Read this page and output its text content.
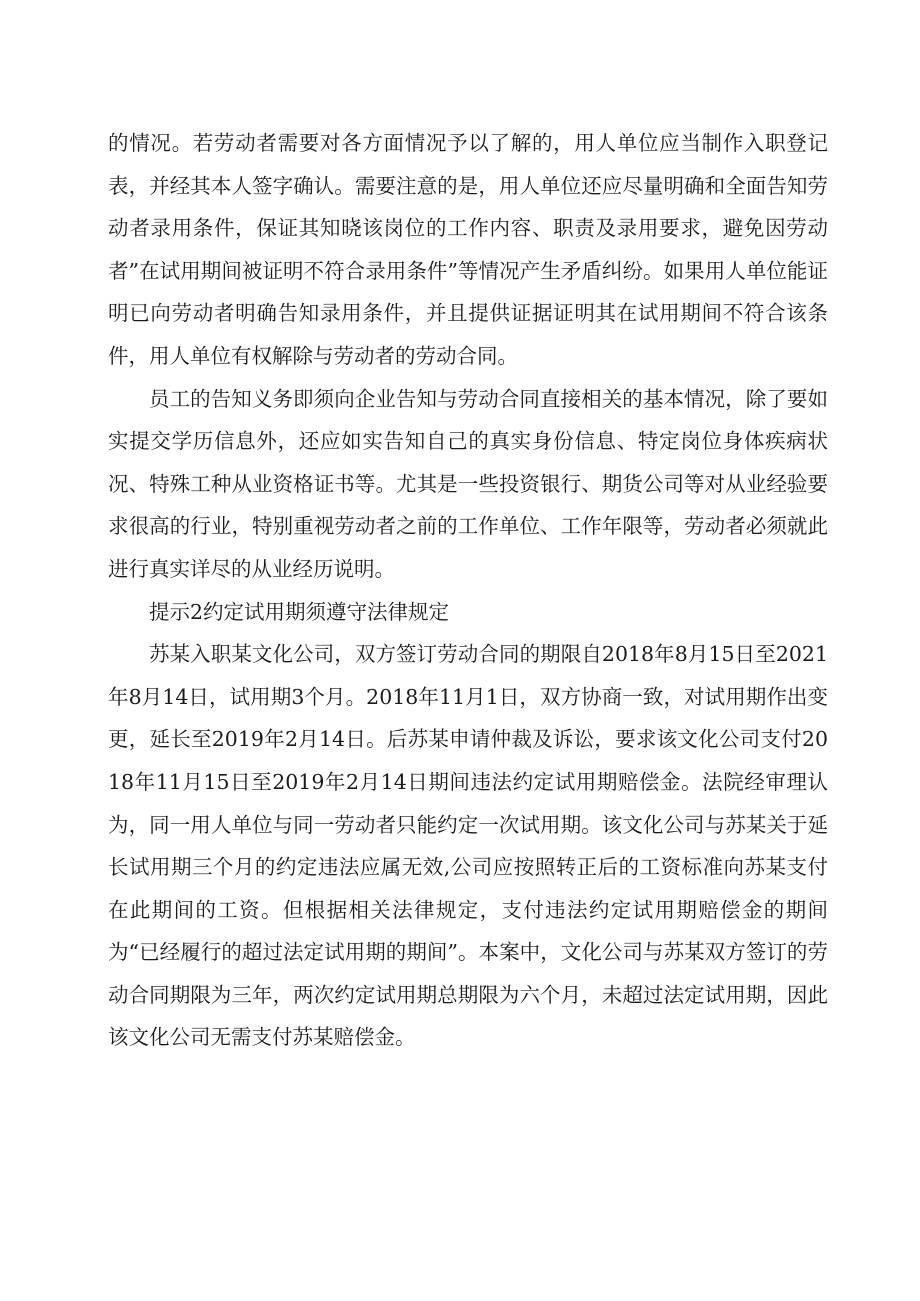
的情况。若劳动者需要对各方面情况予以了解的，用人单位应当制作入职登记表，并经其本人签字确认。需要注意的是，用人单位还应尽量明确和全面告知劳动者录用条件，保证其知晓该岗位的工作内容、职责及录用要求，避免因劳动者”在试用期间被证明不符合录用条件”等情况产生矛盾纠纷。如果用人单位能证明已向劳动者明确告知录用条件，并且提供证据证明其在试用期间不符合该条件，用人单位有权解除与劳动者的劳动合同。

员工的告知义务即须向企业告知与劳动合同直接相关的基本情况，除了要如实提交学历信息外，还应如实告知自己的真实身份信息、特定岗位身体疾病状况、特殊工种从业资格证书等。尤其是一些投资银行、期货公司等对从业经验要求很高的行业，特别重视劳动者之前的工作单位、工作年限等，劳动者必须就此进行真实详尽的从业经历说明。

提示2约定试用期须遵守法律规定

苏某入职某文化公司，双方签订劳动合同的期限自2018年8月15日至2021年8月14日，试用期3个月。2018年11月1日，双方协商一致，对试用期作出变更，延长至2019年2月14日。后苏某申请仲裁及诉讼，要求该文化公司支付2018年11月15日至2019年2月14日期间违法约定试用期赔偿金。法院经审理认为，同一用人单位与同一劳动者只能约定一次试用期。该文化公司与苏某关于延长试用期三个月的约定违法应属无效,公司应按照转正后的工资标准向苏某支付在此期间的工资。但根据相关法律规定，支付违法约定试用期赔偿金的期间为“已经履行的超过法定试用期的期间”。本案中，文化公司与苏某双方签订的劳动合同期限为三年，两次约定试用期总期限为六个月，未超过法定试用期，因此该文化公司无需支付苏某赔偿金。
